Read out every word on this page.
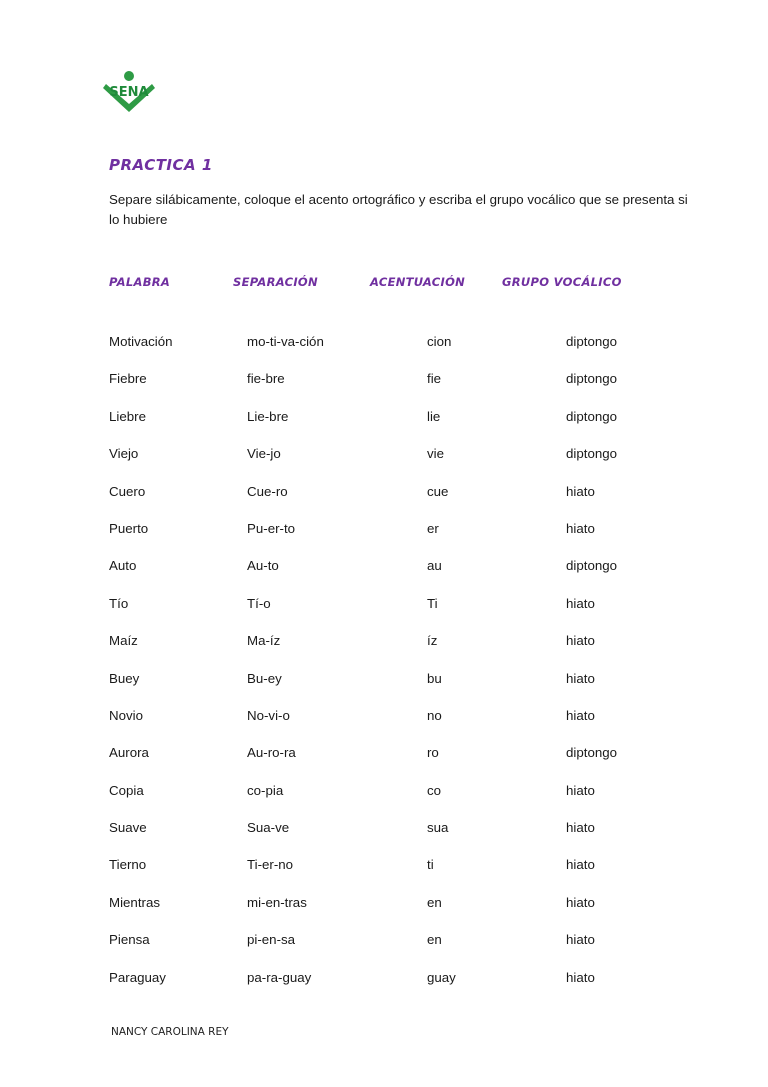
SENA
PRACTICA 1
Separe silábicamente, coloque el acento ortográfico y escriba el grupo vocálico que se presenta si lo hubiere
PALABRA	SEPARACIÓN	ACENTUACIÓN	GRUPO VOCÁLICO
Motivación	mo-ti-va-ción	cion	diptongo
Fiebre	fie-bre	fie	diptongo
Liebre	Lie-bre	lie	diptongo
Viejo	Vie-jo	vie	diptongo
Cuero	Cue-ro	cue	hiato
Puerto	Pu-er-to	er	hiato
Auto	Au-to	au	diptongo
Tío	Tí-o	Ti	hiato
Maíz	Ma-íz	íz	hiato
Buey	Bu-ey	bu	hiato
Novio	No-vi-o	no	hiato
Aurora	Au-ro-ra	ro	diptongo
Copia	co-pia	co	hiato
Suave	Sua-ve	sua	hiato
Tierno	Ti-er-no	ti	hiato
Mientras	mi-en-tras	en	hiato
Piensa	pi-en-sa	en	hiato
Paraguay	pa-ra-guay	guay	hiato
NANCY CAROLINA REY
